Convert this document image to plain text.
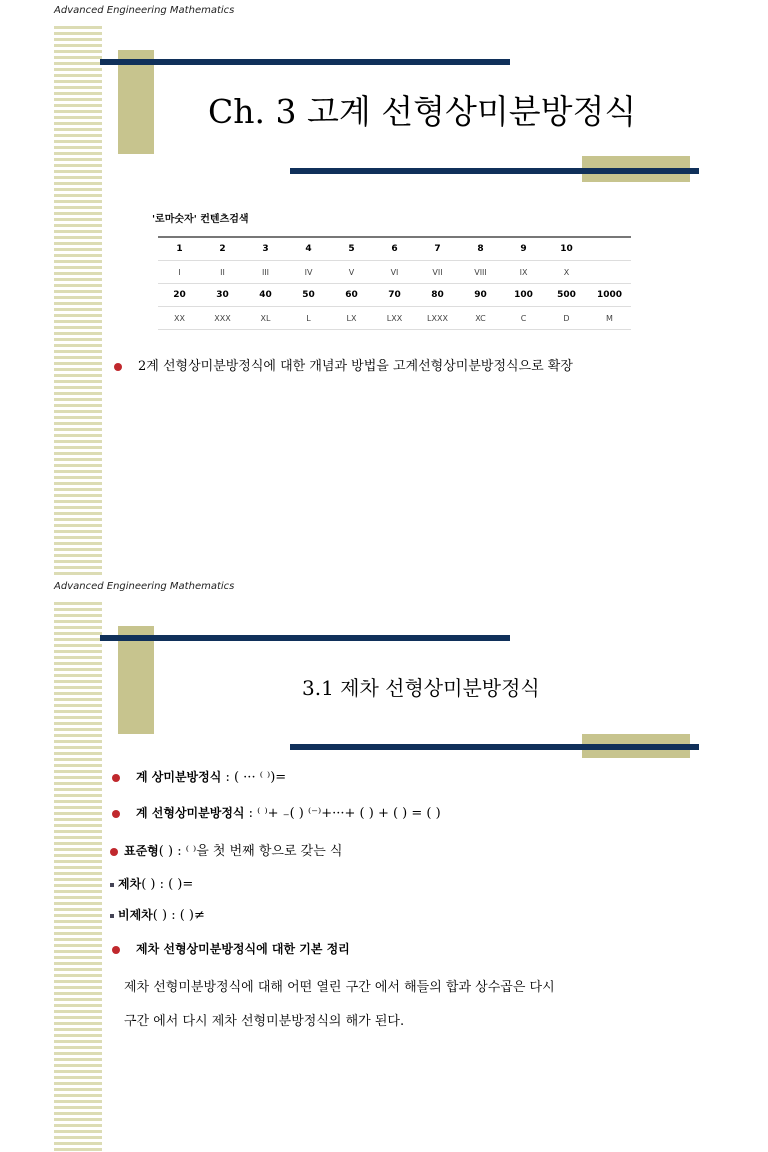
Advanced Engineering Mathematics
Ch. 3 고계 선형상미분방정식
'로마숫자' 컨텐츠검색
1	2	3	4	5	6	7	8	9	10	
I	II	III	IV	V	VI	VII	VIII	IX	X	
20	30	40	50	60	70	80	90	100	500	1000
XX	XXX	XL	L	LX	LXX	LXXX	XC	C	D	M
2계 선형상미분방정식에 대한 개념과 방법을 고계선형상미분방정식으로 확장
Advanced Engineering Mathematics
3.1 제차 선형상미분방정식
계 상미분방정식 : ( ··· ⁽ ⁾)=
계 선형상미분방정식 : ⁽ ⁾+ ₋( ) ⁽⁻⁾+···+ ( ) + ( ) = ( )
표준형( ) : ⁽ ⁾을 첫 번째 항으로 갖는 식
제차( ) : ( )=
비제차( ) : ( )≠
제차 선형상미분방정식에 대한 기본 정리
제차 선형미분방정식에 대해 어떤 열린 구간 에서 해들의 합과 상수곱은 다시
구간 에서 다시 제차 선형미분방정식의 해가 된다.
